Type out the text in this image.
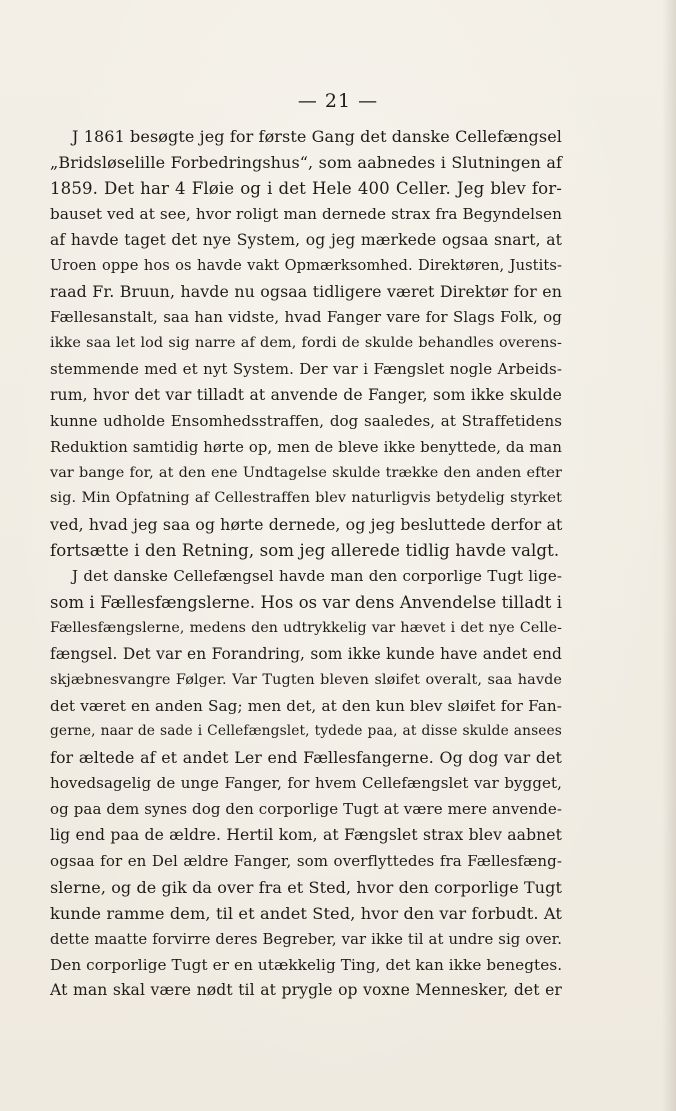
— 21 —
J 1861 besøgte jeg for første Gang det danske Cellefængsel
„Bridsløselille Forbedringshus“, som aabnedes i Slutningen af
1859. Det har 4 Fløie og i det Hele 400 Celler. Jeg blev for-
bauset ved at see, hvor roligt man dernede strax fra Begyndelsen
af havde taget det nye System, og jeg mærkede ogsaa snart, at
Uroen oppe hos os havde vakt Opmærksomhed. Direktøren, Justits-
raad Fr. Bruun, havde nu ogsaa tidligere været Direktør for en
Fællesanstalt, saa han vidste, hvad Fanger vare for Slags Folk, og
ikke saa let lod sig narre af dem, fordi de skulde behandles overens-
stemmende med et nyt System. Der var i Fængslet nogle Arbeids-
rum, hvor det var tilladt at anvende de Fanger, som ikke skulde
kunne udholde Ensomhedsstraffen, dog saaledes, at Straffetidens
Reduktion samtidig hørte op, men de bleve ikke benyttede, da man
var bange for, at den ene Undtagelse skulde trække den anden efter
sig. Min Opfatning af Cellestraffen blev naturligvis betydelig styrket
ved, hvad jeg saa og hørte dernede, og jeg besluttede derfor at
fortsætte i den Retning, som jeg allerede tidlig havde valgt.
J det danske Cellefængsel havde man den corporlige Tugt lige-
som i Fællesfængslerne. Hos os var dens Anvendelse tilladt i
Fællesfængslerne, medens den udtrykkelig var hævet i det nye Celle-
fængsel. Det var en Forandring, som ikke kunde have andet end
skjæbnesvangre Følger. Var Tugten bleven sløifet overalt, saa havde
det været en anden Sag; men det, at den kun blev sløifet for Fan-
gerne, naar de sade i Cellefængslet, tydede paa, at disse skulde ansees
for æltede af et andet Ler end Fællesfangerne. Og dog var det
hovedsagelig de unge Fanger, for hvem Cellefængslet var bygget,
og paa dem synes dog den corporlige Tugt at være mere anvende-
lig end paa de ældre. Hertil kom, at Fængslet strax blev aabnet
ogsaa for en Del ældre Fanger, som overflyttedes fra Fællesfæng-
slerne, og de gik da over fra et Sted, hvor den corporlige Tugt
kunde ramme dem, til et andet Sted, hvor den var forbudt. At
dette maatte forvirre deres Begreber, var ikke til at undre sig over.
Den corporlige Tugt er en utækkelig Ting, det kan ikke benegtes.
At man skal være nødt til at prygle op voxne Mennesker, det er
